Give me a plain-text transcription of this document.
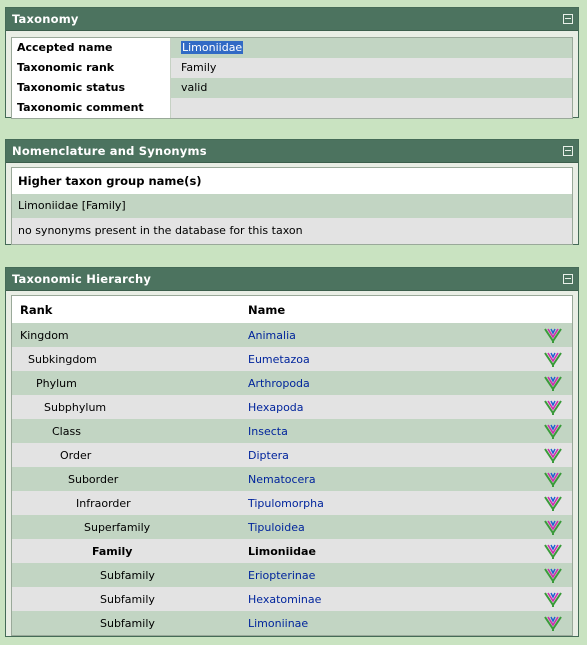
Taxonomy
Accepted name	Limoniidae
Taxonomic rank	Family
Taxonomic status	valid
Taxonomic comment
Nomenclature and Synonyms
Higher taxon group name(s)
Limoniidae [Family]
no synonyms present in the database for this taxon
Taxonomic Hierarchy
Rank	Name
Kingdom	Animalia
Subkingdom	Eumetazoa
Phylum	Arthropoda
Subphylum	Hexapoda
Class	Insecta
Order	Diptera
Suborder	Nematocera
Infraorder	Tipulomorpha
Superfamily	Tipuloidea
Family	Limoniidae
Subfamily	Eriopterinae
Subfamily	Hexatominae
Subfamily	Limoniinae
